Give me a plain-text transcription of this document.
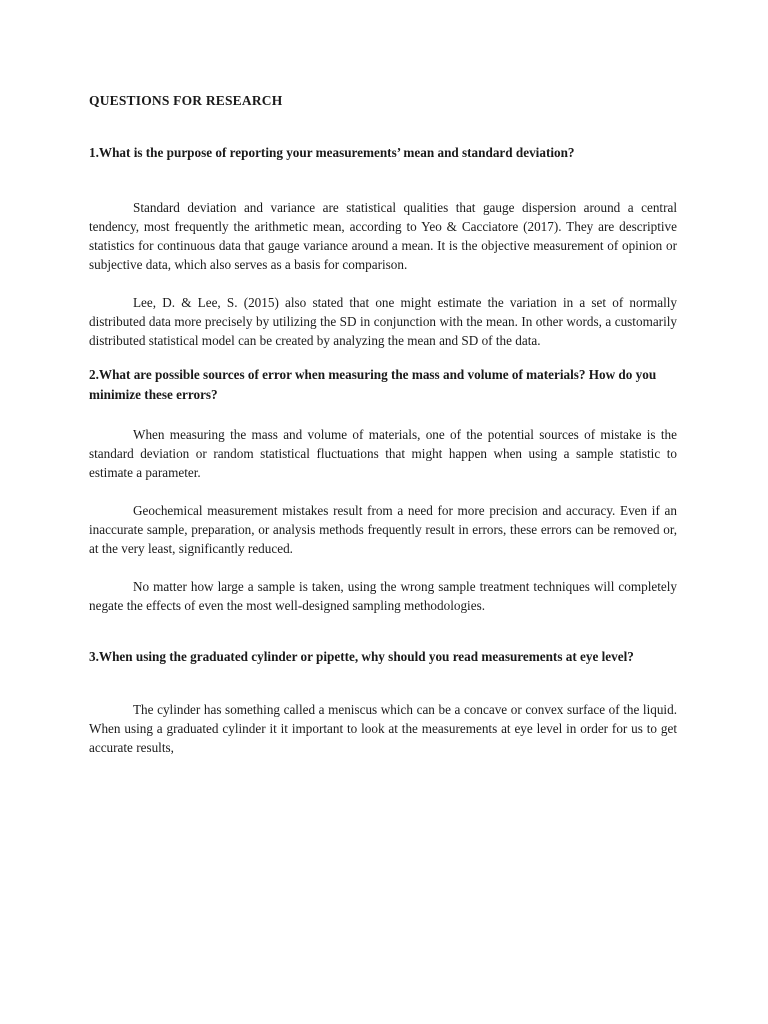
QUESTIONS FOR RESEARCH
1.What is the purpose of reporting your measurements’ mean and standard deviation?

Standard deviation and variance are statistical qualities that gauge dispersion around a central tendency, most frequently the arithmetic mean, according to Yeo & Cacciatore (2017). They are descriptive statistics for continuous data that gauge variance around a mean. It is the objective measurement of opinion or subjective data, which also serves as a basis for comparison.

Lee, D. & Lee, S. (2015) also stated that one might estimate the variation in a set of normally distributed data more precisely by utilizing the SD in conjunction with the mean. In other words, a customarily distributed statistical model can be created by analyzing the mean and SD of the data.

2.What are possible sources of error when measuring the mass and volume of materials? How do you minimize these errors?

When measuring the mass and volume of materials, one of the potential sources of mistake is the standard deviation or random statistical fluctuations that might happen when using a sample statistic to estimate a parameter.

Geochemical measurement mistakes result from a need for more precision and accuracy. Even if an inaccurate sample, preparation, or analysis methods frequently result in errors, these errors can be removed or, at the very least, significantly reduced.

No matter how large a sample is taken, using the wrong sample treatment techniques will completely negate the effects of even the most well-designed sampling methodologies.

3.When using the graduated cylinder or pipette, why should you read measurements at eye level?

The cylinder has something called a meniscus which can be a concave or convex surface of the liquid. When using a graduated cylinder it it important to look at the measurements at eye level in order for us to get accurate results,
